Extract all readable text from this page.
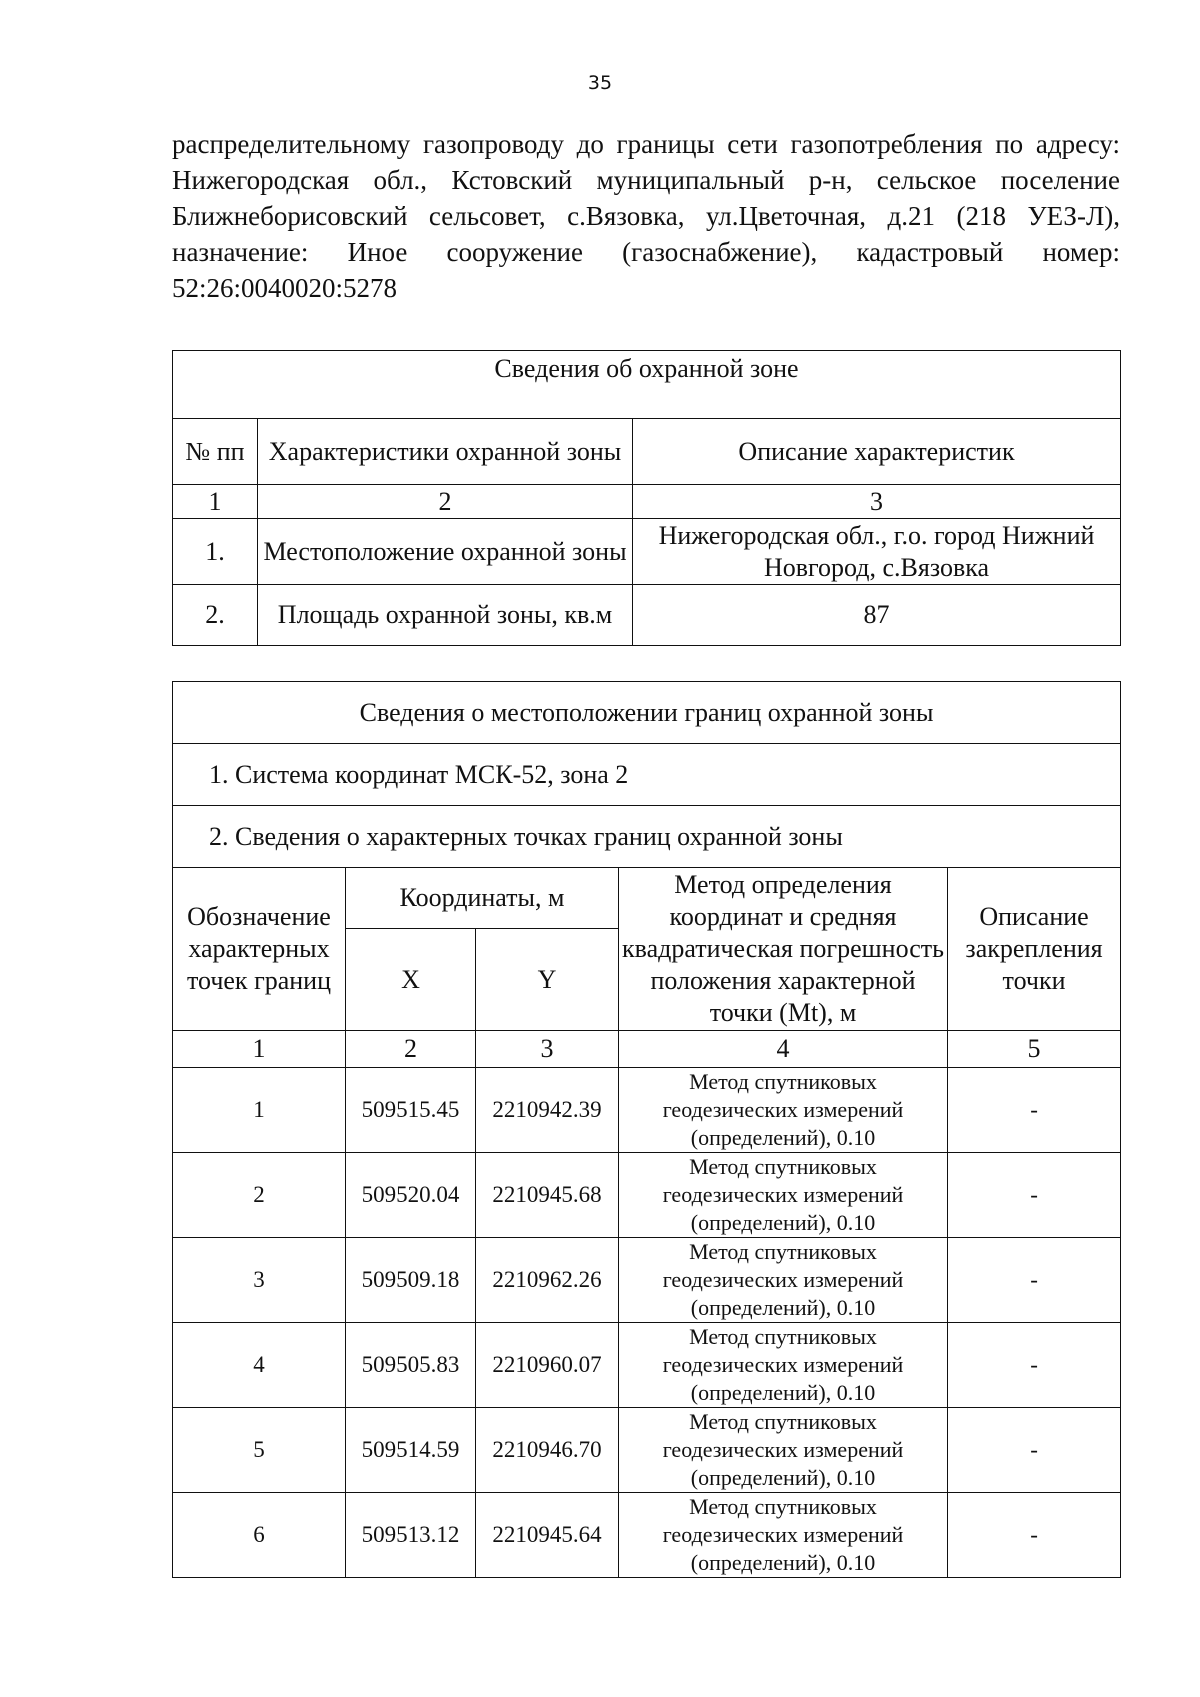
35
распределительному газопроводу до границы сети газопотребления по адресу:
Нижегородская обл., Кстовский муниципальный р-н, сельское поселение
Ближнеборисовский сельсовет, с.Вязовка, ул.Цветочная, д.21 (218 УЕЗ-Л),
назначение: Иное сооружение (газоснабжение), кадастровый номер:
52:26:0040020:5278
Сведения об охранной зоне		
№ пп	Характеристики охранной зоны	Описание характеристик
1	2	3
1.	Местоположение охранной зоны	Нижегородская обл., г.о. город Нижний Новгород, с.Вязовка
2.	Площадь охранной зоны, кв.м	87
Сведения о местоположении границ охранной зоны				
1. Система координат МСК-52, зона 2				
2. Сведения о характерных точках границ охранной зоны				
Обозначение характерных точек границ	Координаты, м		Метод определения координат и средняя квадратическая погрешность положения характерной точки (Mt), м	Описание закрепления точки
	X	Y		
1	2	3	4	5
1	509515.45	2210942.39	Метод спутниковых геодезических измерений (определений), 0.10	-
2	509520.04	2210945.68	Метод спутниковых геодезических измерений (определений), 0.10	-
3	509509.18	2210962.26	Метод спутниковых геодезических измерений (определений), 0.10	-
4	509505.83	2210960.07	Метод спутниковых геодезических измерений (определений), 0.10	-
5	509514.59	2210946.70	Метод спутниковых геодезических измерений (определений), 0.10	-
6	509513.12	2210945.64	Метод спутниковых геодезических измерений (определений), 0.10	-
